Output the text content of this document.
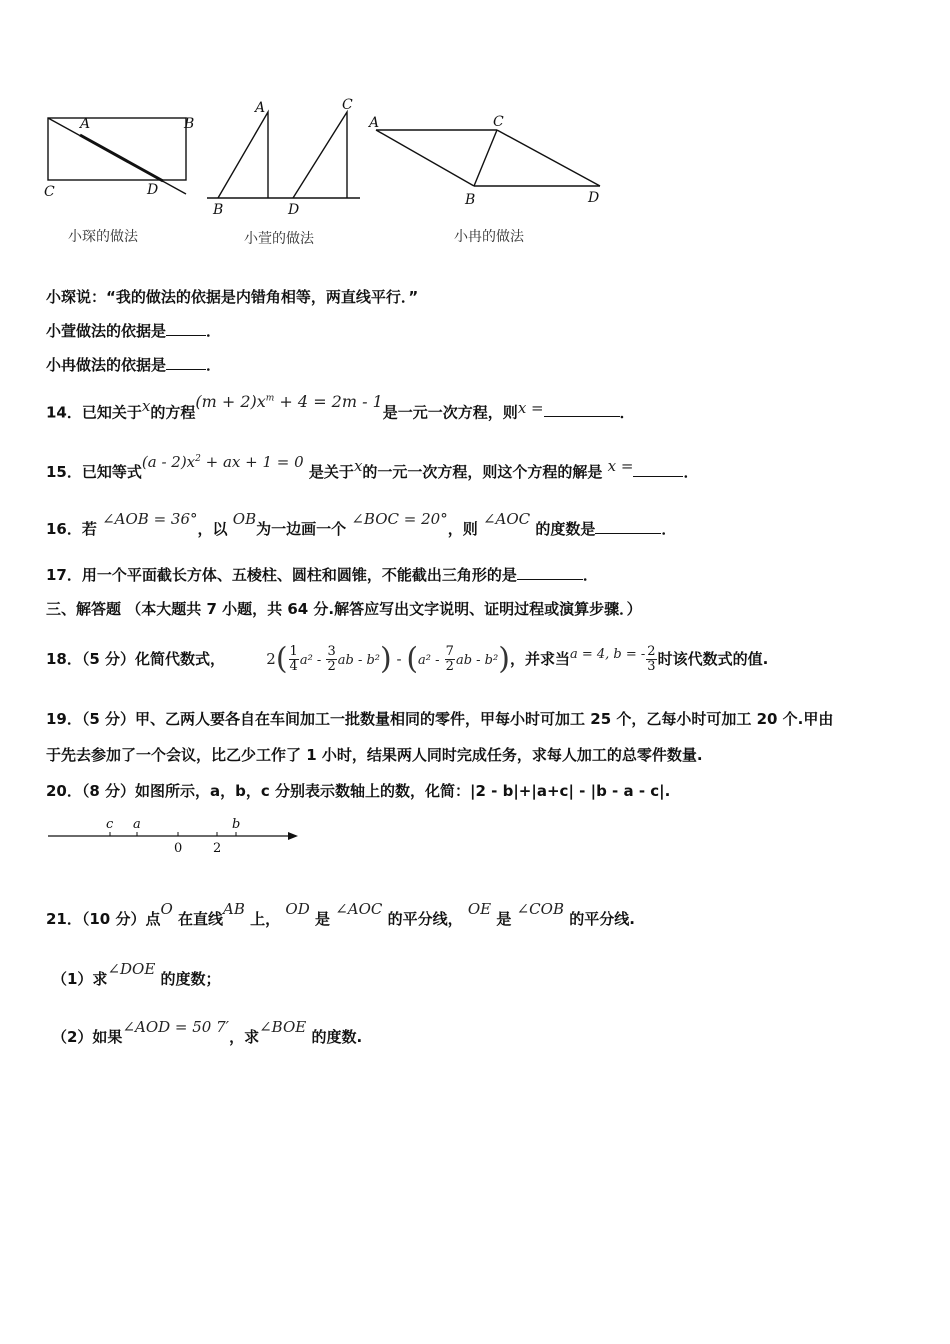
A	B
C	D
A
B
C
D
A
B
C
D
小琛的做法	小萱的做法	小冉的做法
小琛说：“我的做法的依据是内错角相等，两直线平行．”
小萱做法的依据是	．
小冉做法的依据是	．
14．已知关于x的方程$(m + 2)x^m + 4 = 2m - 1$是一元一次方程，则x =	．
15．已知等式$(a - 2)x^2$ + ax + 1 = 0 是关于x的一元一次方程，则这个方程的解是 x =	．
16．若 ∠AOB = 36°，以 OB为一边画一个 ∠BOC = 20°，则 ∠AOC 的度数是	．
17．用一个平面截长方体、五棱柱、圆柱和圆锥，不能截出三角形的是	．
三、解答题 （本大题共 7 小题，共 64 分.解答应写出文字说明、证明过程或演算步骤．）
18．（5 分）化简代数式，	$2( \frac{1}{4} a^2 - \frac{3}{2}$ ab - $b^2) - (a^2 - \frac{7}{2}$ ab - b²)，并求当a = 4, b = - $\frac{2}{3}$ 时该代数式的值.
19．（5 分）甲、乙两人要各自在车间加工一批数量相同的零件，甲每小时可加工 25 个，乙每小时可加工 20 个.甲由
于先去参加了一个会议，比乙少工作了 1 小时，结果两人同时完成任务，求每人加工的总零件数量.
20．（8 分）如图所示，a，b，c 分别表示数轴上的数，化简：|2 - b|+|a+c| - |b - a - c|.
c a
0 2
b
21．（10 分）点O 在直线AB 上， OD 是 ∠AOC 的平分线， OE 是 ∠COB 的平分线.
（1）求∠DOE 的度数；
（2）如果∠AOD = 50 7′，求∠BOE 的度数.
